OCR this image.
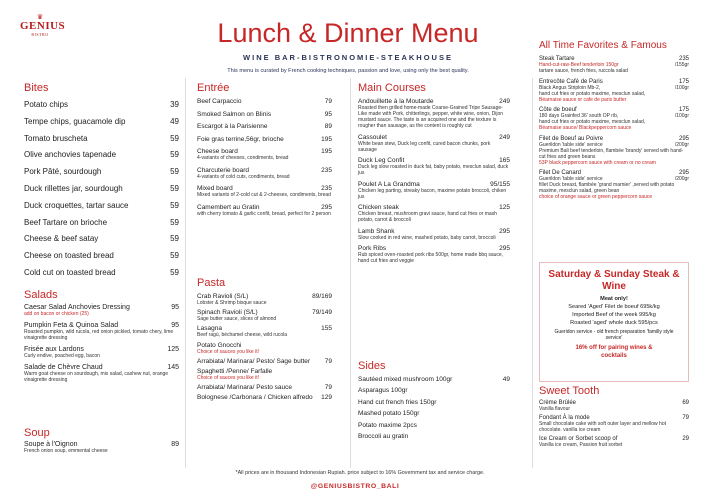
♛
GENIUS
BISTRO	Lunch & Dinner Menu
WINE BAR-BISTRONOMIE-STEAKHOUSE
This menu is curated by French cooking techniques, passion and love, using only the best quality.
Bites
Potato chips	39
Tempe chips, guacamole dip	49
Tomato bruscheta	59
Olive anchovies tapenade	59
Pork Pâté, sourdough	59
Duck rillettes jar, sourdough	59
Duck croquettes, tartar sauce	59
Beef Tartare on brioche	59
Cheese & beef satay	59
Cheese on toasted bread	59
Cold cut on toasted bread	59
Salads
Caesar Salad Anchovies Dressing	95
add on bacon or chicken (25)
Pumpkin Feta & Quinoa Salad	95
Roasted pumpkin, wild rucola, red onion pickled, tomato chery, lime vinaigrette dressing
Frisée aux Lardons	125
Curly endive, poached egg, bacon
Salade de Chèvre Chaud	145
Warm goat cheese on sourdough, mix salad, cashew nut, orange vinaigrette dressing
Soup
Soupe à l'Oignon	89
French onion soup, emmental cheese
Entrée
Beef Carpaccio	79
Smoked Salmon on Blinis	95
Escargot à la Parisienne	89
Foie gras terrine,56gr, brioche	195
Cheese board	195
4-variants of cheeses, condiments, bread
Charcuterie board	235
4-variants of cold cuts, condiments, bread
Mixed board	235
Mixed variants of 2-cold cut & 2-cheeses, condiments, bread
Camembert au Gratin	295
with cherry tomato & garlic confit, bread, perfect for 2 person
Pasta
Crab Ravioli (S/L)	89/169
Lobster & Shrimp bisque sauce
Spinach Ravioli (S/L)	79/149
Sage butter sauce, slices of almond
Lasagna	155
Beef ragù, béchamel cheese, wild rucola
Potato Gnocchi
Choice of sauces you like it!
Arrabiata/ Marinara/ Pesto/ Sage butter 79
Spaghetti /Penne/ Farfalle
Choice of sauces you like it!
Arrabiata/ Marinara/ Pesto sauce	79
Bolognese /Carbonara / Chicken alfredo 129
Main Courses
Andouillette à la Moutarde	249
Roasted then grilled home-made Coarse-Grained Tripe Sausage-Like made with Pork, chitterlings, pepper, white wine, onion, Dijon mustard sauce. The taste is an acquired one and the texture is rougher than sausage, as the content is roughly cut
Cassoulet	249
White bean stew, Duck leg confit, cured bacon chunks, pork sausage
Duck Leg Confit	165
Duck leg slow roasted in duck fat, baby potato, mesclun salad, duck jus
Poulet A La Grandma	95/155
Chicken leg parting, streaky bacon, maxime potato broccoli, chiken jus
Chicken steak	125
Chicken breast, mushroom gravi sauce, hand cut fries or mash potato, carrot & broccoli
Lamb Shank	295
Slow cooked in red wine, mashed potato, baby carrot, broccoli
Pork Ribs	295
Rub spiced oven-roasted pork ribs 500gr, home made bbq sauce, hand cut fries and veggie
Sides
Sautéed mixed mushroom 100gr	49
Asparagus 100gr
Hand cut french fries 150gr
Mashed potato 150gr
Potato maxime 2pcs
Broccoli au gratin
All Time Favorites & Famous
Steak Tartare	235
Hand-cut-raw-Beef tenderloin 150gr	/155gr
tartare sauce, french fries, ruccola salad
Entrecôte Café de Paris	175
Black Angus Striploin Mb-2,	/100gr
hand cut fries or potato maxime, mesclun salad,
Béarnaise sauce or cafe de paris butter
Côte de boeuf	175
180 days Grainfed 36' south OP rib,	/100gr
hand cut fries or potato maxime, mesclun salad,
Béarnaise sauce/ Blackpeppercorn sauce
Filet de Boeuf au Poivre	295
Guerildon 'table side' service	/200gr
Premium Bali beef tenderloin, flambée 'brandy' served with hand-cut fries and green beans
53P black peppercorn sauce with cream or no cream
Filet De Canard	295
Guerildon 'table side' service	/200gr
fillet Duck breast, flambée 'grand marnier' ,served with potato maxime, mesclun salad, green bean
choice of orange sauce or green peppercorn sauce
Saturday & Sunday Steak & Wine
Meat only!
Seared 'Aged' Filet de boeuf 695k/kg
Imported Beef of the week 995/kg
Roasted 'aged' whole duck 595/pcs
Gueridon service - old french preparation 'familly style service'
16% off for pairing wines & cocktails
Sweet Tooth
Crème Brûlée	69
Vanilla flavour
Fondant À la mode	79
Small chocolate cake with soft outer layer and mellow hot chocolate. vanilla ice cream
Ice Cream or Sorbet scoop of	29
Vanilla ice cream, Passion fruit sorbet
*All prices are in thousand Indonesian Rupiah. price subject to 16% Government tax and service charge.
@GENIUSBISTRO_BALI
